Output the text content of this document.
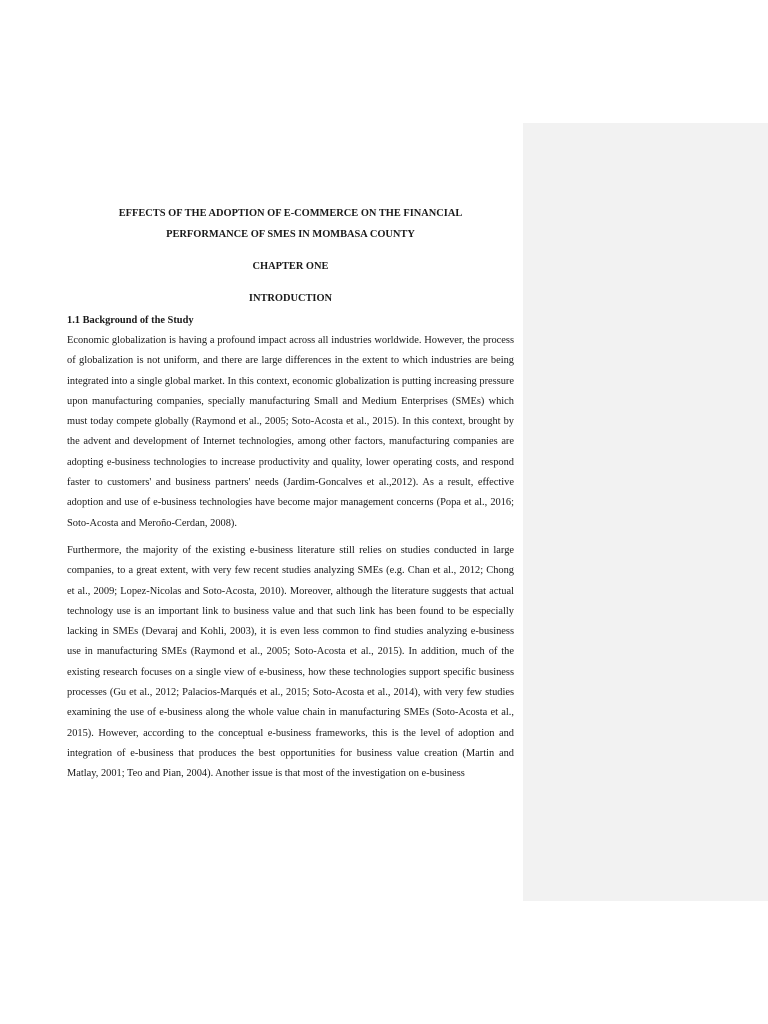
EFFECTS OF THE ADOPTION OF E-COMMERCE ON THE FINANCIAL

PERFORMANCE OF SMES IN MOMBASA COUNTY

CHAPTER ONE

INTRODUCTION

1.1 Background of the Study

Economic globalization is having a profound impact across all industries worldwide. However, the process of globalization is not uniform, and there are large differences in the extent to which industries are being integrated into a single global market. In this context, economic globalization is putting increasing pressure upon manufacturing companies, specially manufacturing Small and Medium Enterprises (SMEs) which must today compete globally (Raymond et al., 2005; Soto-Acosta et al., 2015). In this context, brought by the advent and development of Internet technologies, among other factors, manufacturing companies are adopting e-business technologies to increase productivity and quality, lower operating costs, and respond faster to customers' and business partners' needs (Jardim-Goncalves et al.,2012). As a result, effective adoption and use of e-business technologies have become major management concerns (Popa et al., 2016; Soto-Acosta and Meroño-Cerdan, 2008).

Furthermore, the majority of the existing e-business literature still relies on studies conducted in large companies, to a great extent, with very few recent studies analyzing SMEs (e.g. Chan et al., 2012; Chong et al., 2009; Lopez-Nicolas and Soto-Acosta, 2010). Moreover, although the literature suggests that actual technology use is an important link to business value and that such link has been found to be especially lacking in SMEs (Devaraj and Kohli, 2003), it is even less common to find studies analyzing e-business use in manufacturing SMEs (Raymond et al., 2005; Soto-Acosta et al., 2015). In addition, much of the existing research focuses on a single view of e-business, how these technologies support specific business processes (Gu et al., 2012; Palacios-Marqués et al., 2015; Soto-Acosta et al., 2014), with very few studies examining the use of e-business along the whole value chain in manufacturing SMEs (Soto-Acosta et al., 2015). However, according to the conceptual e-business frameworks, this is the level of adoption and integration of e-business that produces the best opportunities for business value creation (Martin and Matlay, 2001; Teo and Pian, 2004). Another issue is that most of the investigation on e-business
